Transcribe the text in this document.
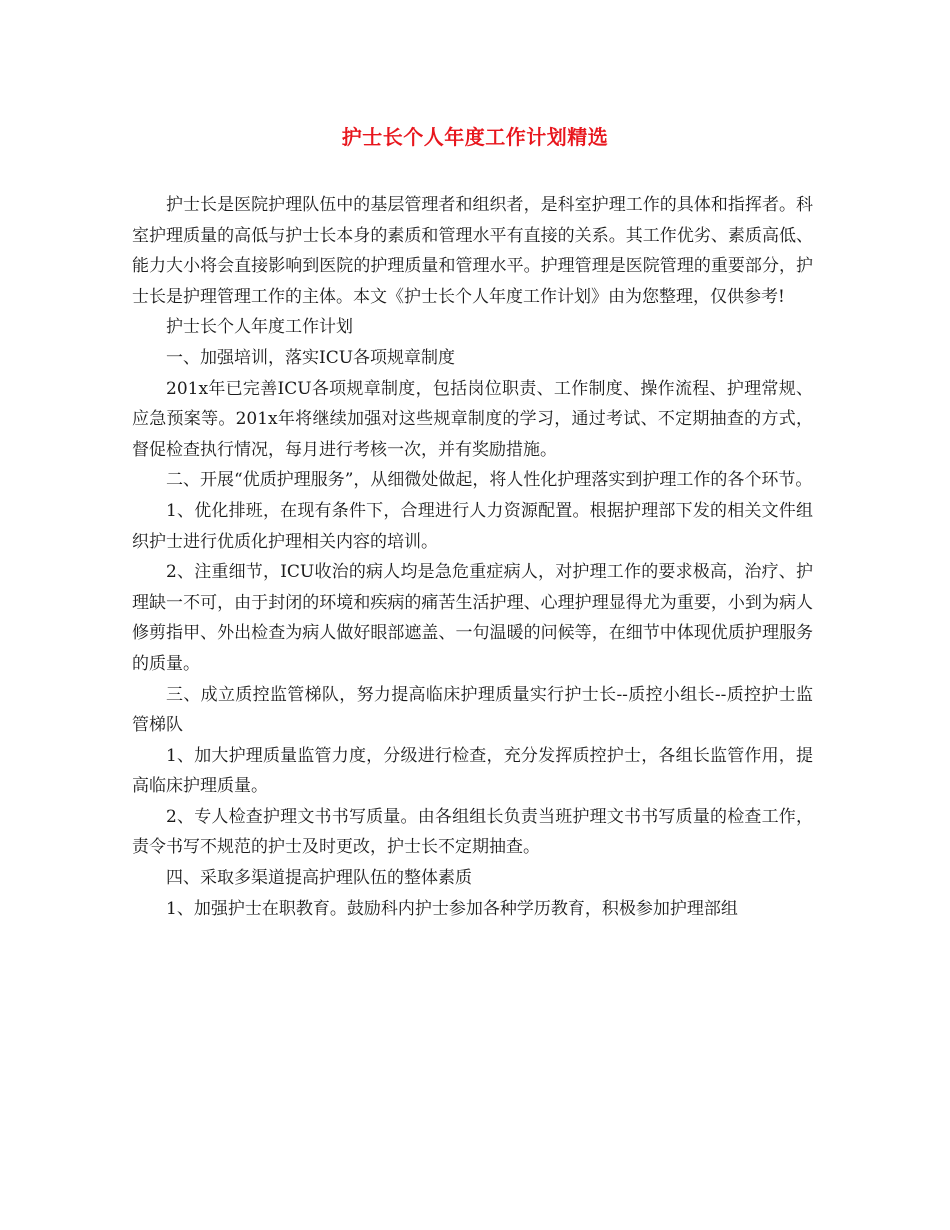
护士长个人年度工作计划精选

护士长是医院护理队伍中的基层管理者和组织者，是科室护理工作的具体和指挥者。科室护理质量的高低与护士长本身的素质和管理水平有直接的关系。其工作优劣、素质高低、能力大小将会直接影响到医院的护理质量和管理水平。护理管理是医院管理的重要部分，护士长是护理管理工作的主体。本文《护士长个人年度工作计划》由为您整理，仅供参考!

护士长个人年度工作计划

一、加强培训，落实ICU各项规章制度

201x年已完善ICU各项规章制度，包括岗位职责、工作制度、操作流程、护理常规、应急预案等。201x年将继续加强对这些规章制度的学习，通过考试、不定期抽查的方式，督促检查执行情况，每月进行考核一次，并有奖励措施。

二、开展“优质护理服务”，从细微处做起，将人性化护理落实到护理工作的各个环节。

1、优化排班，在现有条件下，合理进行人力资源配置。根据护理部下发的相关文件组织护士进行优质化护理相关内容的培训。

2、注重细节，ICU收治的病人均是急危重症病人，对护理工作的要求极高，治疗、护理缺一不可，由于封闭的环境和疾病的痛苦生活护理、心理护理显得尤为重要，小到为病人修剪指甲、外出检查为病人做好眼部遮盖、一句温暖的问候等，在细节中体现优质护理服务的质量。

三、成立质控监管梯队，努力提高临床护理质量实行护士长--质控小组长--质控护士监管梯队

1、加大护理质量监管力度，分级进行检查，充分发挥质控护士，各组长监管作用，提高临床护理质量。

2、专人检查护理文书书写质量。由各组组长负责当班护理文书书写质量的检查工作，责令书写不规范的护士及时更改，护士长不定期抽查。

四、采取多渠道提高护理队伍的整体素质

1、加强护士在职教育。鼓励科内护士参加各种学历教育，积极参加护理部组
